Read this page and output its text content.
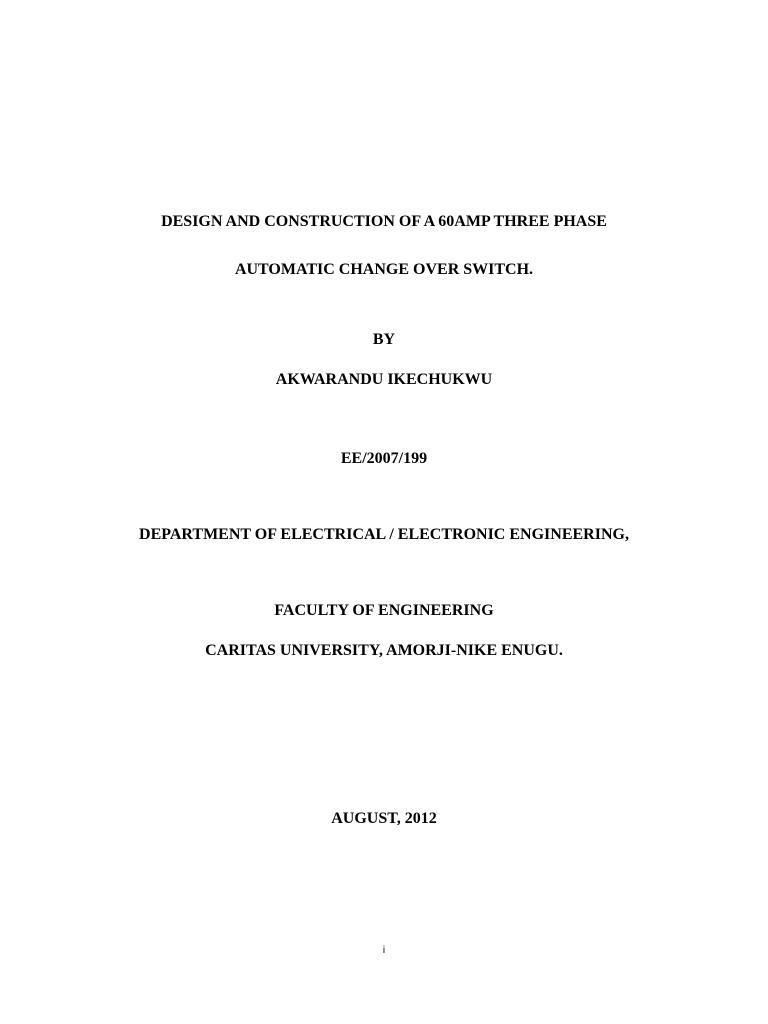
DESIGN AND CONSTRUCTION OF A 60AMP THREE PHASE
AUTOMATIC CHANGE OVER SWITCH.
BY
AKWARANDU IKECHUKWU
EE/2007/199
DEPARTMENT OF ELECTRICAL / ELECTRONIC ENGINEERING,
FACULTY OF ENGINEERING
CARITAS UNIVERSITY, AMORJI-NIKE ENUGU.
AUGUST, 2012
i
